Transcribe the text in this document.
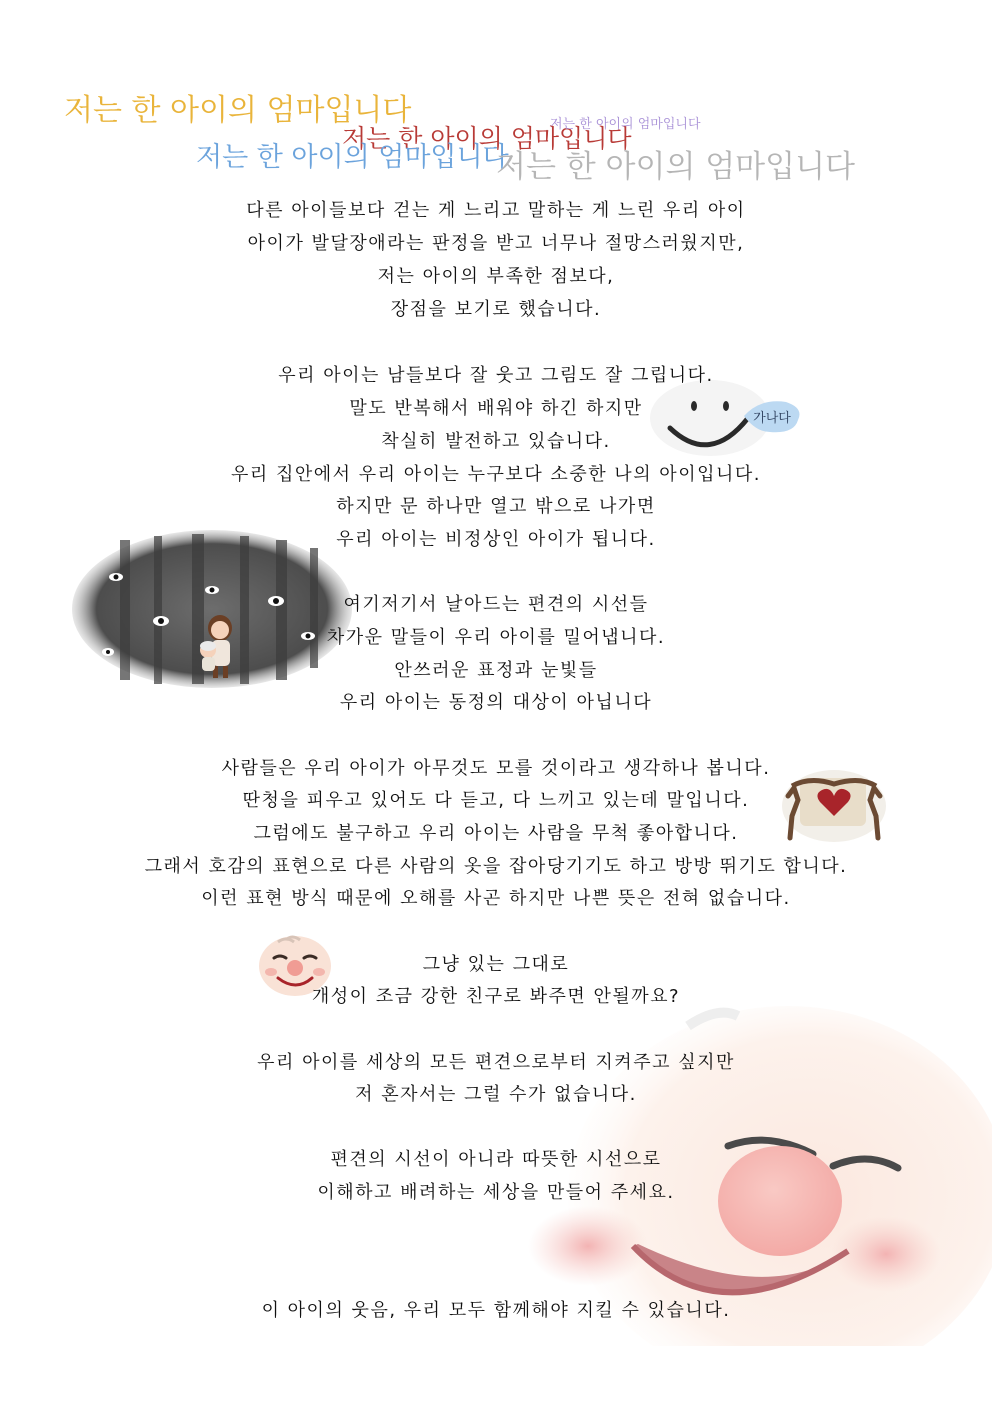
저는 한 아이의 엄마입니다
저는 한 아이의 엄마입니다
저는 한 아이의 엄마입니다
저는 한 아이의 엄마입니다
저는 한 아이의 엄마입니다
가나다
다른 아이들보다 걷는 게 느리고 말하는 게 느린 우리 아이
아이가 발달장애라는 판정을 받고 너무나 절망스러웠지만,
저는 아이의 부족한 점보다,
장점을 보기로 했습니다.
우리 아이는 남들보다 잘 웃고 그림도 잘 그립니다.
말도 반복해서 배워야 하긴 하지만
착실히 발전하고 있습니다.
우리 집안에서 우리 아이는 누구보다 소중한 나의 아이입니다.
하지만 문 하나만 열고 밖으로 나가면
우리 아이는 비정상인 아이가 됩니다.
여기저기서 날아드는 편견의 시선들
차가운 말들이 우리 아이를 밀어냅니다.
안쓰러운 표정과 눈빛들
우리 아이는 동정의 대상이 아닙니다
사람들은 우리 아이가 아무것도 모를 것이라고 생각하나 봅니다.
딴청을 피우고 있어도 다 듣고, 다 느끼고 있는데 말입니다.
그럼에도 불구하고 우리 아이는 사람을 무척 좋아합니다.
그래서 호감의 표현으로 다른 사람의 옷을 잡아당기기도 하고 방방 뛰기도 합니다.
이런 표현 방식 때문에 오해를 사곤 하지만 나쁜 뜻은 전혀 없습니다.
그냥 있는 그대로
개성이 조금 강한 친구로 봐주면 안될까요?
우리 아이를 세상의 모든 편견으로부터 지켜주고 싶지만
저 혼자서는 그럴 수가 없습니다.
편견의 시선이 아니라 따뜻한 시선으로
이해하고 배려하는 세상을 만들어 주세요.
이 아이의 웃음, 우리 모두 함께해야 지킬 수 있습니다.
